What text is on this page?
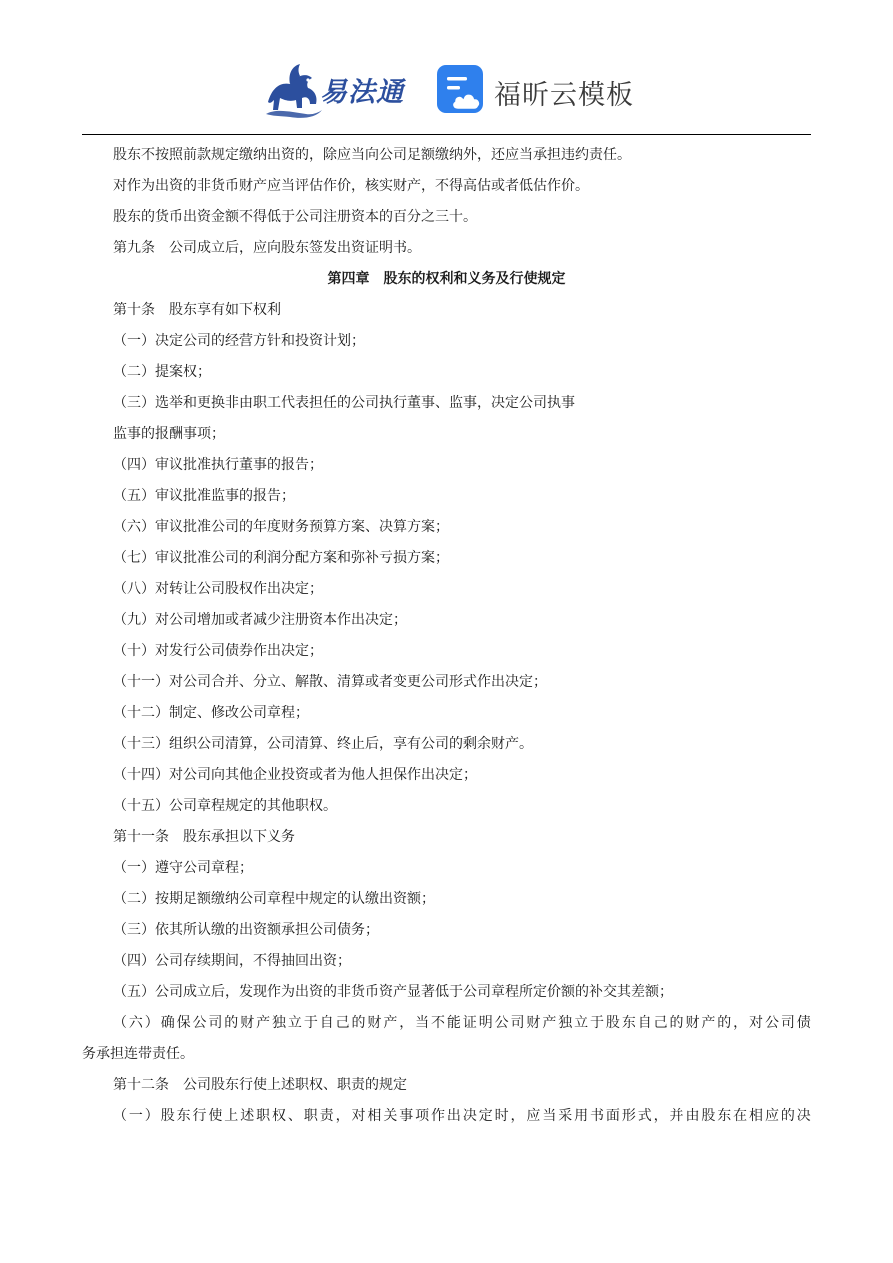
易法通	福昕云模板
股东不按照前款规定缴纳出资的，除应当向公司足额缴纳外，还应当承担违约责任。
对作为出资的非货币财产应当评估作价，核实财产，不得高估或者低估作价。
股东的货币出资金额不得低于公司注册资本的百分之三十。
第九条　公司成立后，应向股东签发出资证明书。
第四章　股东的权利和义务及行使规定
第十条　股东享有如下权利
（一）决定公司的经营方针和投资计划；
（二）提案权；
（三）选举和更换非由职工代表担任的公司执行董事、监事，决定公司执事
监事的报酬事项；
（四）审议批准执行董事的报告；
（五）审议批准监事的报告；
（六）审议批准公司的年度财务预算方案、决算方案；
（七）审议批准公司的利润分配方案和弥补亏损方案；
（八）对转让公司股权作出决定；
（九）对公司增加或者减少注册资本作出决定；
（十）对发行公司债券作出决定；
（十一）对公司合并、分立、解散、清算或者变更公司形式作出决定；
（十二）制定、修改公司章程；
（十三）组织公司清算，公司清算、终止后，享有公司的剩余财产。
（十四）对公司向其他企业投资或者为他人担保作出决定；
（十五）公司章程规定的其他职权。
第十一条　股东承担以下义务
（一）遵守公司章程；
（二）按期足额缴纳公司章程中规定的认缴出资额；
（三）依其所认缴的出资额承担公司债务；
（四）公司存续期间，不得抽回出资；
（五）公司成立后，发现作为出资的非货币资产显著低于公司章程所定价额的补交其差额；
（六）确保公司的财产独立于自己的财产，当不能证明公司财产独立于股东自己的财产的，对公司债
务承担连带责任。
第十二条　公司股东行使上述职权、职责的规定
（一）股东行使上述职权、职责，对相关事项作出决定时，应当采用书面形式，并由股东在相应的决
